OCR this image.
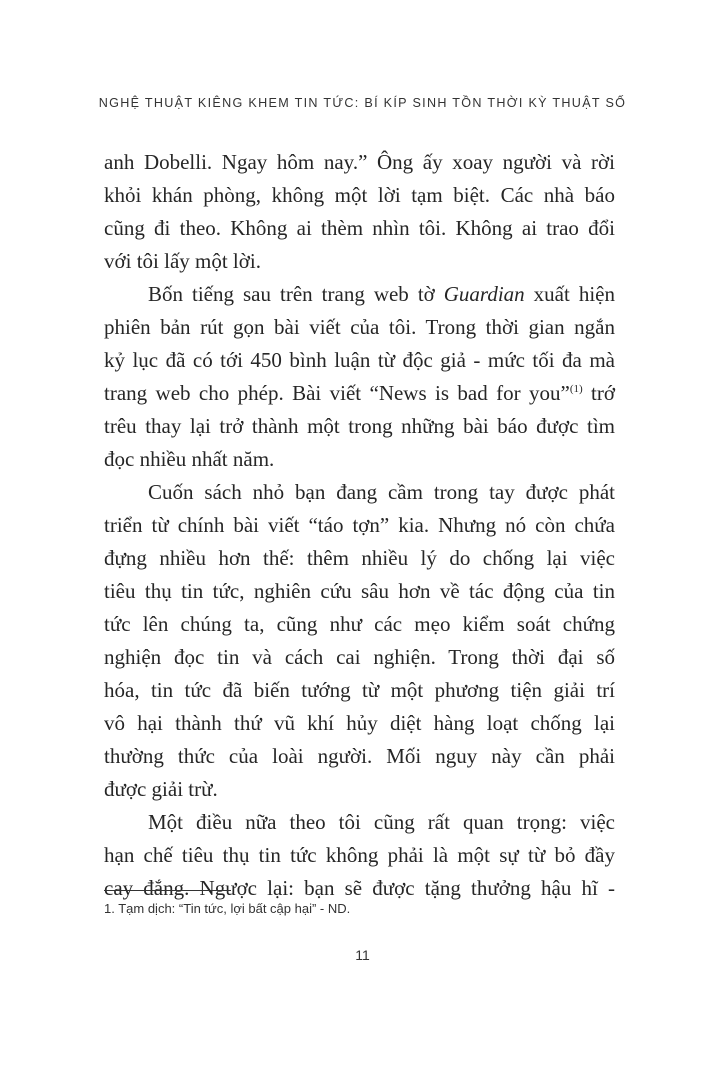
NGHỆ THUẬT KIÊNG KHEM TIN TỨC: BÍ KÍP SINH TỒN THỜI KỲ THUẬT SỐ

anh Dobelli. Ngay hôm nay.” Ông ấy xoay người và rời
khỏi khán phòng, không một lời tạm biệt. Các nhà báo
cũng đi theo. Không ai thèm nhìn tôi. Không ai trao đổi
với tôi lấy một lời.

Bốn tiếng sau trên trang web tờ Guardian xuất hiện
phiên bản rút gọn bài viết của tôi. Trong thời gian ngắn
kỷ lục đã có tới 450 bình luận từ độc giả - mức tối đa mà
trang web cho phép. Bài viết “News is bad for you”$^{(1)}$ trớ
trêu thay lại trở thành một trong những bài báo được tìm
đọc nhiều nhất năm.

Cuốn sách nhỏ bạn đang cầm trong tay được phát
triển từ chính bài viết “táo tợn” kia. Nhưng nó còn chứa
đựng nhiều hơn thế: thêm nhiều lý do chống lại việc
tiêu thụ tin tức, nghiên cứu sâu hơn về tác động của tin
tức lên chúng ta, cũng như các mẹo kiểm soát chứng
nghiện đọc tin và cách cai nghiện. Trong thời đại số
hóa, tin tức đã biến tướng từ một phương tiện giải trí
vô hại thành thứ vũ khí hủy diệt hàng loạt chống lại
thường thức của loài người. Mối nguy này cần phải
được giải trừ.

Một điều nữa theo tôi cũng rất quan trọng: việc
hạn chế tiêu thụ tin tức không phải là một sự từ bỏ đầy
cay đắng. Ngược lại: bạn sẽ được tặng thưởng hậu hĩ -

1. Tạm dịch: “Tin tức, lợi bất cập hại” - ND.
11
